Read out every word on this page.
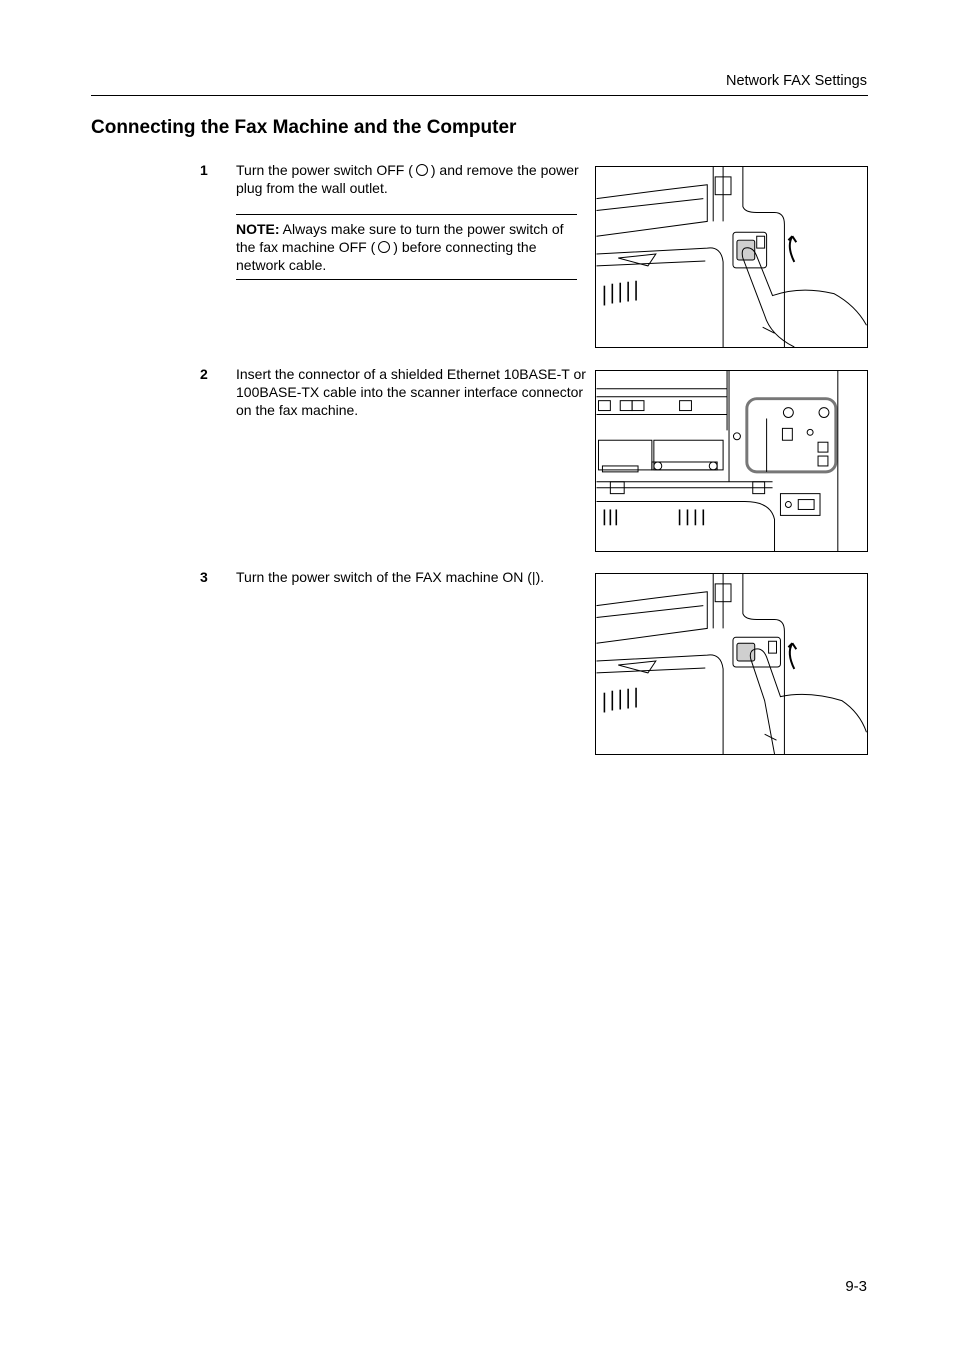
Network FAX Settings
Connecting the Fax Machine and the Computer
1 Turn the power switch OFF ( ) and remove the power plug from the wall outlet.
NOTE: Always make sure to turn the power switch of the fax machine OFF ( ) before connecting the network cable.
2 Insert the connector of a shielded Ethernet 10BASE-T or 100BASE-TX cable into the scanner interface connector on the fax machine.
3 Turn the power switch of the FAX machine ON (|).
9-3
